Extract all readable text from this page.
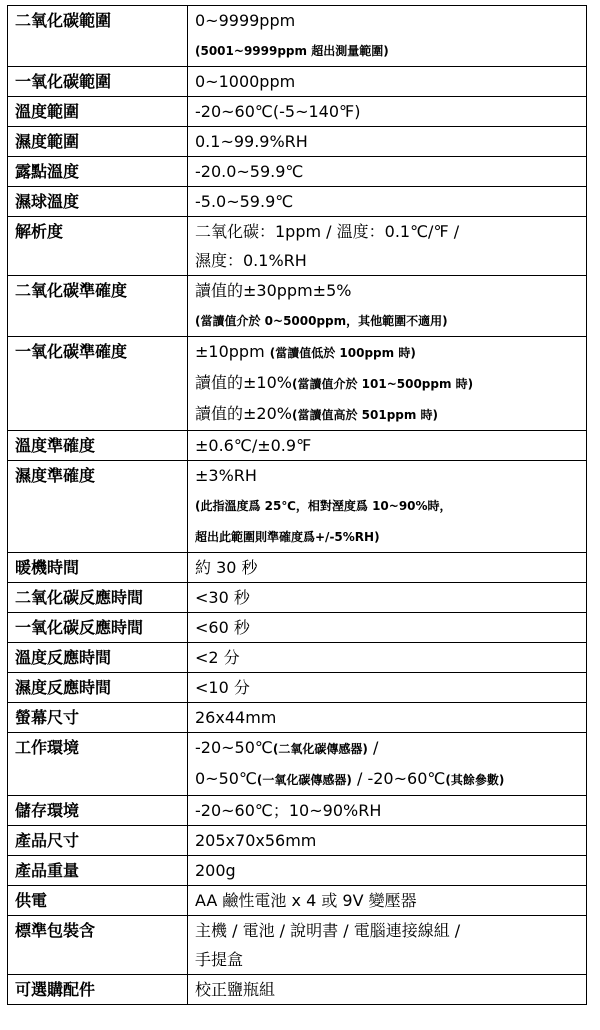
二氧化碳範圍	0~9999ppm
(5001~9999ppm 超出測量範圍)

一氧化碳範圍	0~1000ppm

溫度範圍	-20~60℃(-5~140℉)

濕度範圍	0.1~99.9%RH

露點溫度	-20.0~59.9℃

濕球溫度	-5.0~59.9℃

解析度	二氧化碳：1ppm / 溫度：0.1℃/℉ /
濕度：0.1%RH

二氧化碳準確度	讀值的±30ppm±5%
(當讀值介於 0~5000ppm，其他範圍不適用)

一氧化碳準確度	±10ppm (當讀值低於 100ppm 時)
讀值的±10%(當讀值介於 101~500ppm 時)
讀值的±20%(當讀值高於 501ppm 時)

溫度準確度	±0.6℃/±0.9℉

濕度準確度	±3%RH
(此指溫度爲 25℃，相對溼度爲 10~90%時，
超出此範圍則準確度爲+/-5%RH)

暖機時間	約 30 秒

二氧化碳反應時間	<30 秒

一氧化碳反應時間	<60 秒

溫度反應時間	<2 分

濕度反應時間	<10 分

螢幕尺寸	26x44mm

工作環境	-20~50℃(二氧化碳傳感器) /
0~50℃(一氧化碳傳感器) / -20~60℃(其餘參數)

儲存環境	-20~60℃；10~90%RH

產品尺寸	205x70x56mm

產品重量	200g

供電	AA 鹼性電池 x 4 或 9V 變壓器

標準包裝含	主機 / 電池 / 說明書 / 電腦連接線組 /
手提盒

可選購配件	校正鹽瓶組
